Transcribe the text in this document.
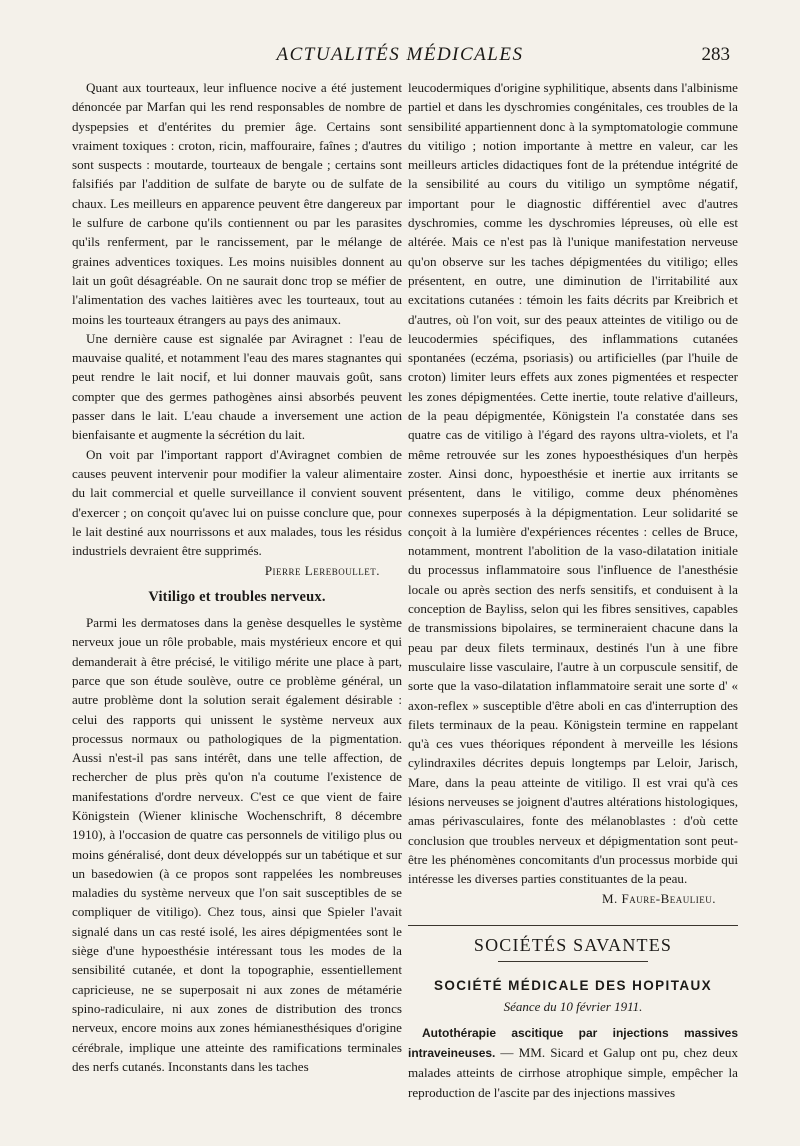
ACTUALITÉS MÉDICALES	283

Quant aux tourteaux, leur influence nocive a été justement dénoncée par Marfan qui les rend responsables de nombre de dyspepsies et d'entérites du premier âge. Certains sont vraiment toxiques : croton, ricin, maffouraire, faînes ; d'autres sont suspects : moutarde, tourteaux de bengale ; certains sont falsifiés par l'addition de sulfate de baryte ou de sulfate de chaux. Les meilleurs en apparence peuvent être dangereux par le sulfure de carbone qu'ils contiennent ou par les parasites qu'ils renferment, par le rancissement, par le mélange de graines adventices toxiques. Les moins nuisibles donnent au lait un goût désagréable. On ne saurait donc trop se méfier de l'alimentation des vaches laitières avec les tourteaux, tout au moins les tourteaux étrangers au pays des animaux.

Une dernière cause est signalée par Aviragnet : l'eau de mauvaise qualité, et notamment l'eau des mares stagnantes qui peut rendre le lait nocif, et lui donner mauvais goût, sans compter que des germes pathogènes ainsi absorbés peuvent passer dans le lait. L'eau chaude a inversement une action bienfaisante et augmente la sécrétion du lait.

On voit par l'important rapport d'Aviragnet combien de causes peuvent intervenir pour modifier la valeur alimentaire du lait commercial et quelle surveillance il convient souvent d'exercer ; on conçoit qu'avec lui on puisse conclure que, pour le lait destiné aux nourrissons et aux malades, tous les résidus industriels devraient être supprimés.

Pierre Lereboullet.
Vitiligo et troubles nerveux.

Parmi les dermatoses dans la genèse desquelles le système nerveux joue un rôle probable, mais mystérieux encore et qui demanderait à être précisé, le vitiligo mérite une place à part, parce que son étude soulève, outre ce problème général, un autre problème dont la solution serait également désirable : celui des rapports qui unissent le système nerveux aux processus normaux ou pathologiques de la pigmentation. Aussi n'est-il pas sans intérêt, dans une telle affection, de rechercher de plus près qu'on n'a coutume l'existence de manifestations d'ordre nerveux. C'est ce que vient de faire Königstein (Wiener klinische Wochenschrift, 8 décembre 1910), à l'occasion de quatre cas personnels de vitiligo plus ou moins généralisé, dont deux développés sur un tabétique et sur un basedowien (à ce propos sont rappelées les nombreuses maladies du système nerveux que l'on sait susceptibles de se compliquer de vitiligo). Chez tous, ainsi que Spieler l'avait signalé dans un cas resté isolé, les aires dépigmentées sont le siège d'une hypoesthésie intéressant tous les modes de la sensibilité cutanée, et dont la topographie, essentiellement capricieuse, ne se superposait ni aux zones de métamérie spino-radiculaire, ni aux zones de distribution des troncs nerveux, encore moins aux zones hémianesthésiques d'origine cérébrale, implique une atteinte des ramifications terminales des nerfs cutanés. Inconstants dans les taches

leucodermiques d'origine syphilitique, absents dans l'albinisme partiel et dans les dyschromies congénitales, ces troubles de la sensibilité appartiennent donc à la symptomatologie commune du vitiligo ; notion importante à mettre en valeur, car les meilleurs articles didactiques font de la prétendue intégrité de la sensibilité au cours du vitiligo un symptôme négatif, important pour le diagnostic différentiel avec d'autres dyschromies, comme les dyschromies lépreuses, où elle est altérée. Mais ce n'est pas là l'unique manifestation nerveuse qu'on observe sur les taches dépigmentées du vitiligo; elles présentent, en outre, une diminution de l'irritabilité aux excitations cutanées : témoin les faits décrits par Kreibrich et d'autres, où l'on voit, sur des peaux atteintes de vitiligo ou de leucodermies spécifiques, des inflammations cutanées spontanées (eczéma, psoriasis) ou artificielles (par l'huile de croton) limiter leurs effets aux zones pigmentées et respecter les zones dépigmentées. Cette inertie, toute relative d'ailleurs, de la peau dépigmentée, Königstein l'a constatée dans ses quatre cas de vitiligo à l'égard des rayons ultra-violets, et l'a même retrouvée sur les zones hypoesthésiques d'un herpès zoster. Ainsi donc, hypoesthésie et inertie aux irritants se présentent, dans le vitiligo, comme deux phénomènes connexes superposés à la dépigmentation. Leur solidarité se conçoit à la lumière d'expériences récentes : celles de Bruce, notamment, montrent l'abolition de la vaso-dilatation initiale du processus inflammatoire sous l'influence de l'anesthésie locale ou après section des nerfs sensitifs, et conduisent à la conception de Bayliss, selon qui les fibres sensitives, capables de transmissions bipolaires, se termineraient chacune dans la peau par deux filets terminaux, destinés l'un à une fibre musculaire lisse vasculaire, l'autre à un corpuscule sensitif, de sorte que la vaso-dilatation inflammatoire serait une sorte d' « axon-reflex » susceptible d'être aboli en cas d'interruption des filets terminaux de la peau. Königstein termine en rappelant qu'à ces vues théoriques répondent à merveille les lésions cylindraxiles décrites depuis longtemps par Leloir, Jarisch, Mare, dans la peau atteinte de vitiligo. Il est vrai qu'à ces lésions nerveuses se joignent d'autres altérations histologiques, amas périvasculaires, fonte des mélanoblastes : d'où cette conclusion que troubles nerveux et dépigmentation sont peut-être les phénomènes concomitants d'un processus morbide qui intéresse les diverses parties constituantes de la peau.

M. Faure-Beaulieu.
SOCIÉTÉS SAVANTES
SOCIÉTÉ MÉDICALE DES HOPITAUX
Séance du 10 février 1911.

Autothérapie ascitique par injections massives intraveineuses. — MM. Sicard et Galup ont pu, chez deux malades atteints de cirrhose atrophique simple, empêcher la reproduction de l'ascite par des injections massives
